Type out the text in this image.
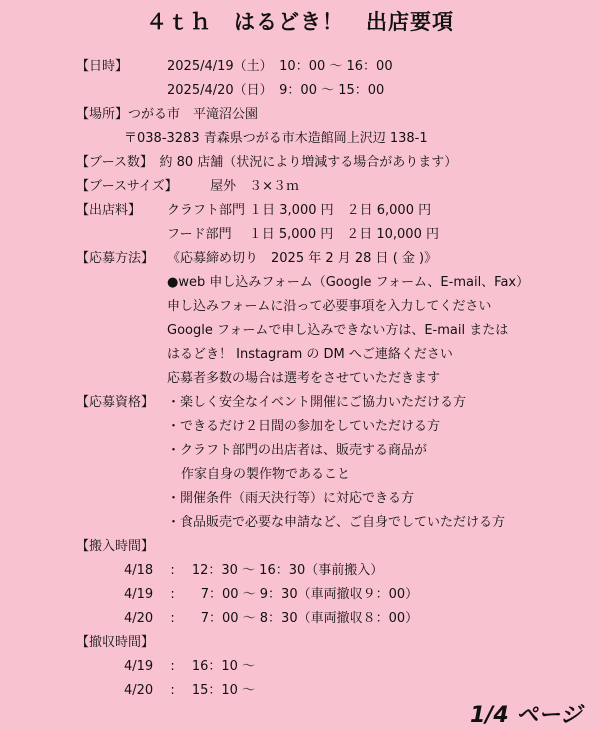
４ｔｈ　はるどき！　出店要項
【日時】	2025/4/19（土）　10：00 ～ 16：00
2025/4/20（日）　9：00 ～ 15：00
【場所】つがる市　平滝沼公園
〒038-3283 青森県つがる市木造館岡上沢辺 138-1
【ブース数】　約 80 店舗（状況により増減する場合があります）
【ブースサイズ】　　　屋外　３×３ｍ
【出店料】 クラフト部門 １日 3,000 円　２日 6,000 円
フード部門　 １日 5,000 円　２日 10,000 円
【応募方法】 《応募締め切り　2025 年 2 月 28 日 ( 金 )》
●web 申し込みフォーム（Google フォーム、E-mail、Fax）
申し込みフォームに沿って必要事項を入力してください
Google フォームで申し込みできない方は、E-mail または
はるどき！ Instagram の DM へご連絡ください
応募者多数の場合は選考をさせていただきます
【応募資格】 ・楽しく安全なイベント開催にご協力いただける方
・できるだけ２日間の参加をしていただける方
・クラフト部門の出店者は、販売する商品が
作家自身の製作物であること
・開催条件（雨天決行等）に対応できる方
・食品販売で必要な申請など、ご自身でしていただける方
【搬入時間】
4/18　 :　 12：30 ～ 16：30（事前搬入）
4/19　 :　　7：00 ～ 9：30（車両撤収９：00）
4/20　 :　　7：00 ～ 8：30（車両撤収８：00）
【撤収時間】
4/19　 :　 16：10 ～
4/20　 :　 15：10 ～
1/4 ページ
